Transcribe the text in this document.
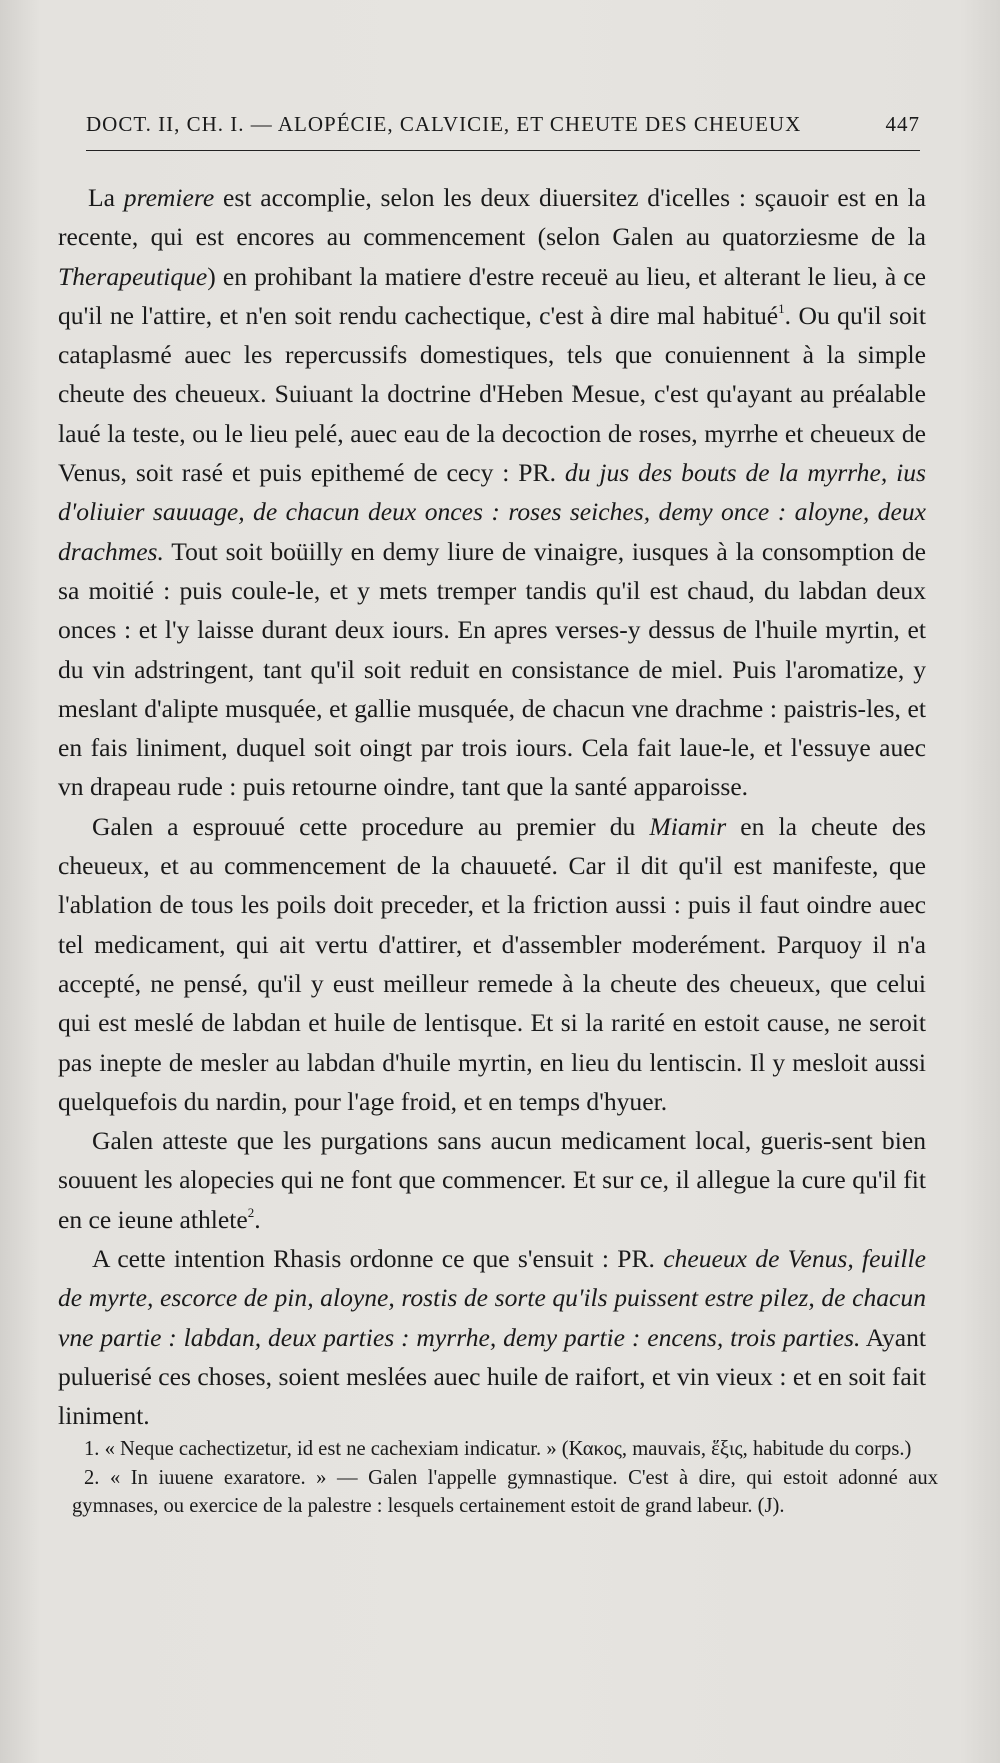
DOCT. II, CH. I. — ALOPÉCIE, CALVICIE, ET CHEUTE DES CHEUEUX	447

La premiere est accomplie, selon les deux diuersitez d'icelles : sçauoir est en la recente, qui est encores au commencement (selon Galen au quatorziesme de la Therapeutique) en prohibant la matiere d'estre receuë au lieu, et alterant le lieu, à ce qu'il ne l'attire, et n'en soit rendu cachectique, c'est à dire mal habitué$^1$. Ou qu'il soit cataplasmé auec les repercussifs domestiques, tels que conuiennent à la simple cheute des cheueux. Suiuant la doctrine d'Heben Mesue, c'est qu'ayant au préalable laué la teste, ou le lieu pelé, auec eau de la decoction de roses, myrrhe et cheueux de Venus, soit rasé et puis epithemé de cecy : PR. du jus des bouts de la myrrhe, ius d'oliuier sauuage, de chacun deux onces : roses seiches, demy once : aloyne, deux drachmes. Tout soit boüilly en demy liure de vinaigre, iusques à la consomption de sa moitié : puis coule-le, et y mets tremper tandis qu'il est chaud, du labdan deux onces : et l'y laisse durant deux iours. En apres verses-y dessus de l'huile myrtin, et du vin adstringent, tant qu'il soit reduit en consistance de miel. Puis l'aromatize, y meslant d'alipte musquée, et gallie musquée, de chacun vne drachme : paistris-les, et en fais liniment, duquel soit oingt par trois iours. Cela fait laue-le, et l'essuye auec vn drapeau rude : puis retourne oindre, tant que la santé apparoisse.

Galen a esprouué cette procedure au premier du Miamir en la cheute des cheueux, et au commencement de la chauueté. Car il dit qu'il est manifeste, que l'ablation de tous les poils doit preceder, et la friction aussi : puis il faut oindre auec tel medicament, qui ait vertu d'attirer, et d'assembler moderément. Parquoy il n'a accepté, ne pensé, qu'il y eust meilleur remede à la cheute des cheueux, que celui qui est meslé de labdan et huile de lentisque. Et si la rarité en estoit cause, ne seroit pas inepte de mesler au labdan d'huile myrtin, en lieu du lentiscin. Il y mesloit aussi quelquefois du nardin, pour l'age froid, et en temps d'hyuer.

Galen atteste que les purgations sans aucun medicament local, gueris-sent bien souuent les alopecies qui ne font que commencer. Et sur ce, il allegue la cure qu'il fit en ce ieune athlete$^2$.

A cette intention Rhasis ordonne ce que s'ensuit : PR. cheueux de Venus, feuille de myrte, escorce de pin, aloyne, rostis de sorte qu'ils puissent estre pilez, de chacun vne partie : labdan, deux parties : myrrhe, demy partie : encens, trois parties. Ayant puluerisé ces choses, soient meslées auec huile de raifort, et vin vieux : et en soit fait liniment.

1. « Neque cachectizetur, id est ne cachexiam indicatur. » (Κακος, mauvais, ἕξις, habitude du corps.)

2. « In iuuene exaratore. » — Galen l'appelle gymnastique. C'est à dire, qui estoit adonné aux gymnases, ou exercice de la palestre : lesquels certainement estoit de grand labeur. (J).
